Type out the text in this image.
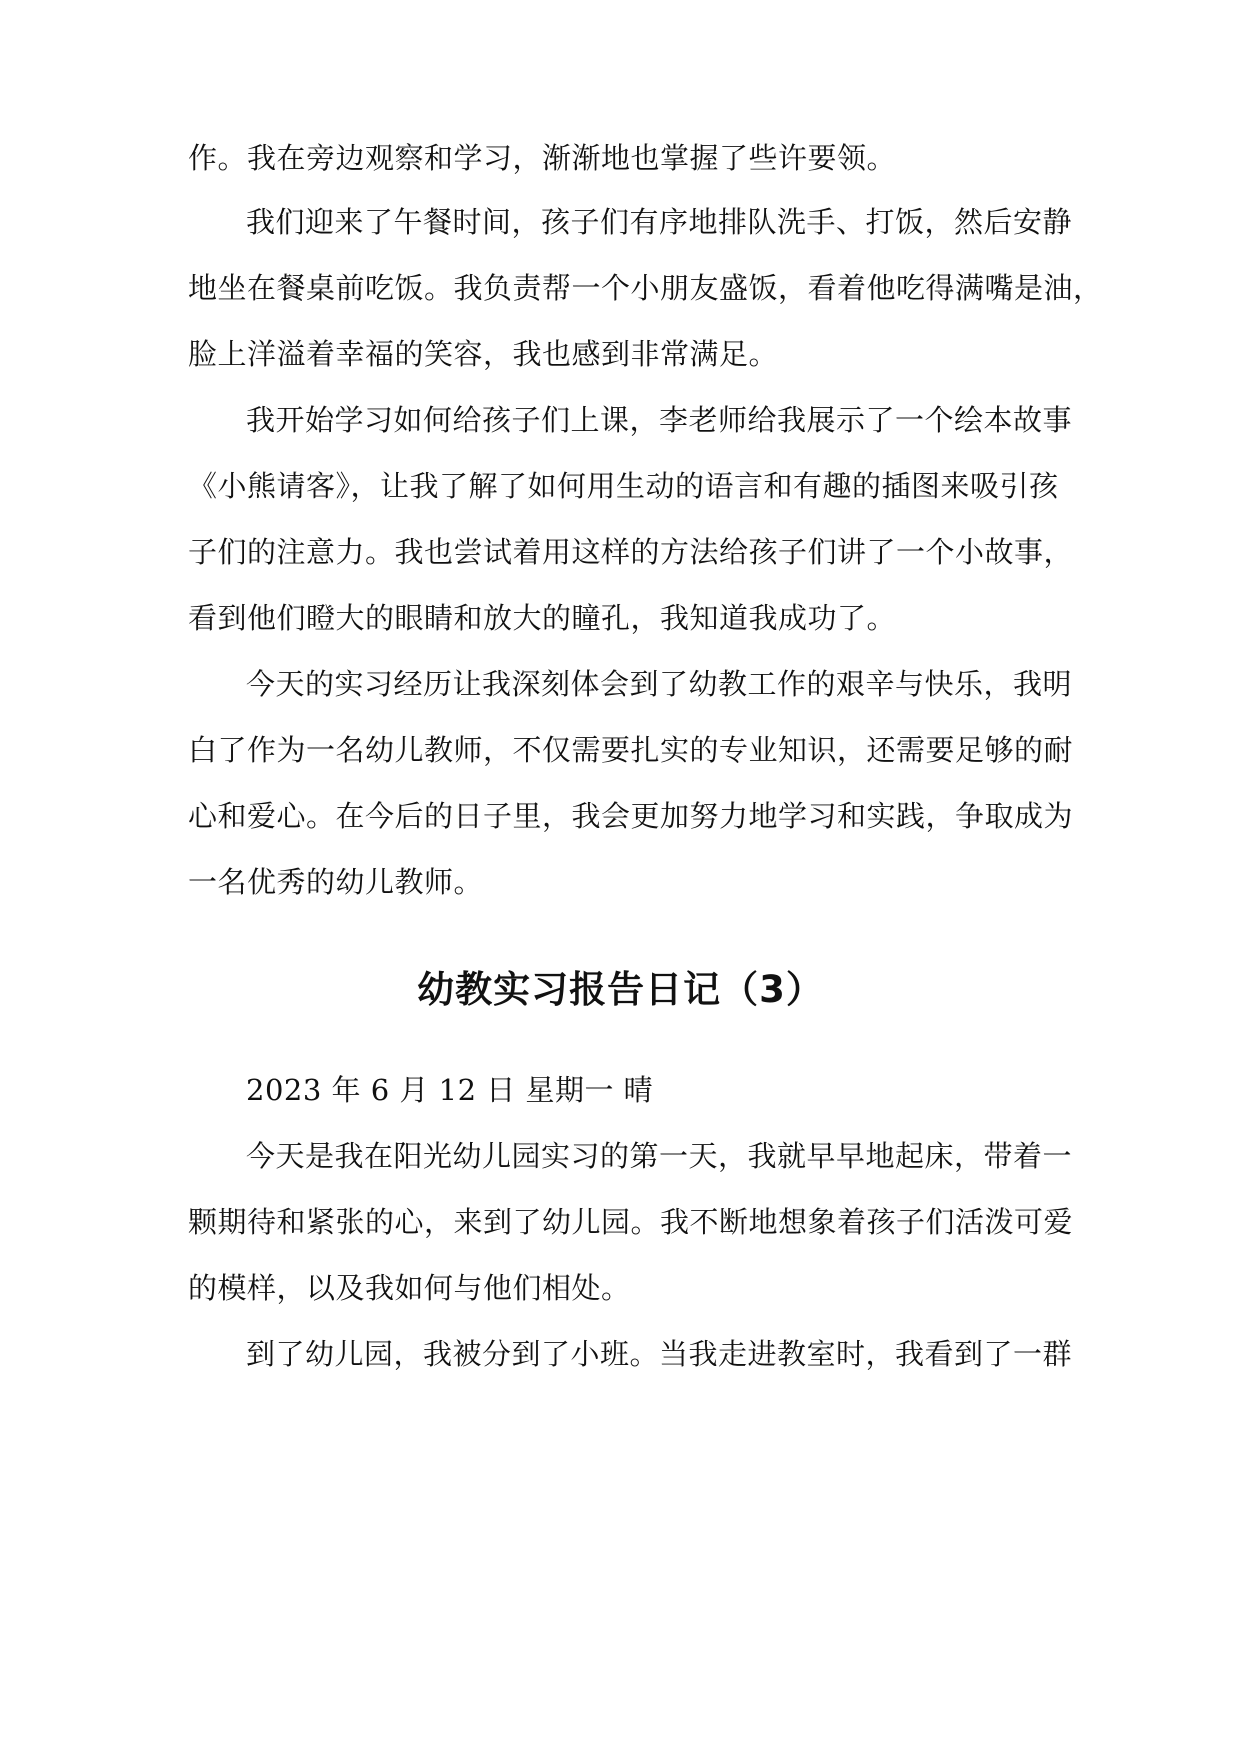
作。我在旁边观察和学习，渐渐地也掌握了些许要领。
我们迎来了午餐时间，孩子们有序地排队洗手、打饭，然后安静
地坐在餐桌前吃饭。我负责帮一个小朋友盛饭，看着他吃得满嘴是油，
脸上洋溢着幸福的笑容，我也感到非常满足。
我开始学习如何给孩子们上课，李老师给我展示了一个绘本故事
《小熊请客》，让我了解了如何用生动的语言和有趣的插图来吸引孩
子们的注意力。我也尝试着用这样的方法给孩子们讲了一个小故事，
看到他们瞪大的眼睛和放大的瞳孔，我知道我成功了。
今天的实习经历让我深刻体会到了幼教工作的艰辛与快乐，我明
白了作为一名幼儿教师，不仅需要扎实的专业知识，还需要足够的耐
心和爱心。在今后的日子里，我会更加努力地学习和实践，争取成为
一名优秀的幼儿教师。
幼教实习报告日记（3）
2023 年 6 月 12 日 星期一 晴
今天是我在阳光幼儿园实习的第一天，我就早早地起床，带着一
颗期待和紧张的心，来到了幼儿园。我不断地想象着孩子们活泼可爱
的模样，以及我如何与他们相处。
到了幼儿园，我被分到了小班。当我走进教室时，我看到了一群
